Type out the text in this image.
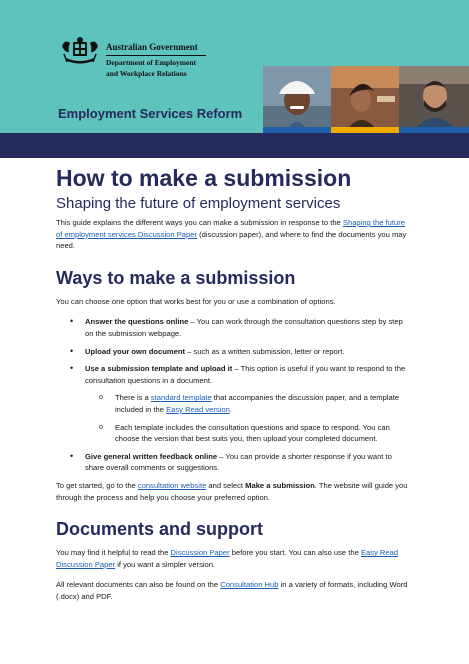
Australian Government
Department of Employment
and Workplace Relations
Employment Services Reform
How to make a submission
Shaping the future of employment services

This guide explains the different ways you can make a submission in response to the Shaping the future of employment services Discussion Paper (discussion paper), and where to find the documents you may need.

Ways to make a submission

You can choose one option that works best for you or use a combination of options.

• Answer the questions online – You can work through the consultation questions step by step on the submission webpage.
• Upload your own document – such as a written submission, letter or report.
• Use a submission template and upload it – This option is useful if you want to respond to the consultation questions in a document.
o There is a standard template that accompanies the discussion paper, and a template included in the Easy Read version.
o Each template includes the consultation questions and space to respond. You can choose the version that best suits you, then upload your completed document.
• Give general written feedback online – You can provide a shorter response if you want to share overall comments or suggestions.

To get started, go to the consultation website and select Make a submission. The website will guide you through the process and help you choose your preferred option.

Documents and support

You may find it helpful to read the Discussion Paper before you start. You can also use the Easy Read Discussion Paper if you want a simpler version.

All relevant documents can also be found on the Consultation Hub in a variety of formats, including Word (.docx) and PDF.
